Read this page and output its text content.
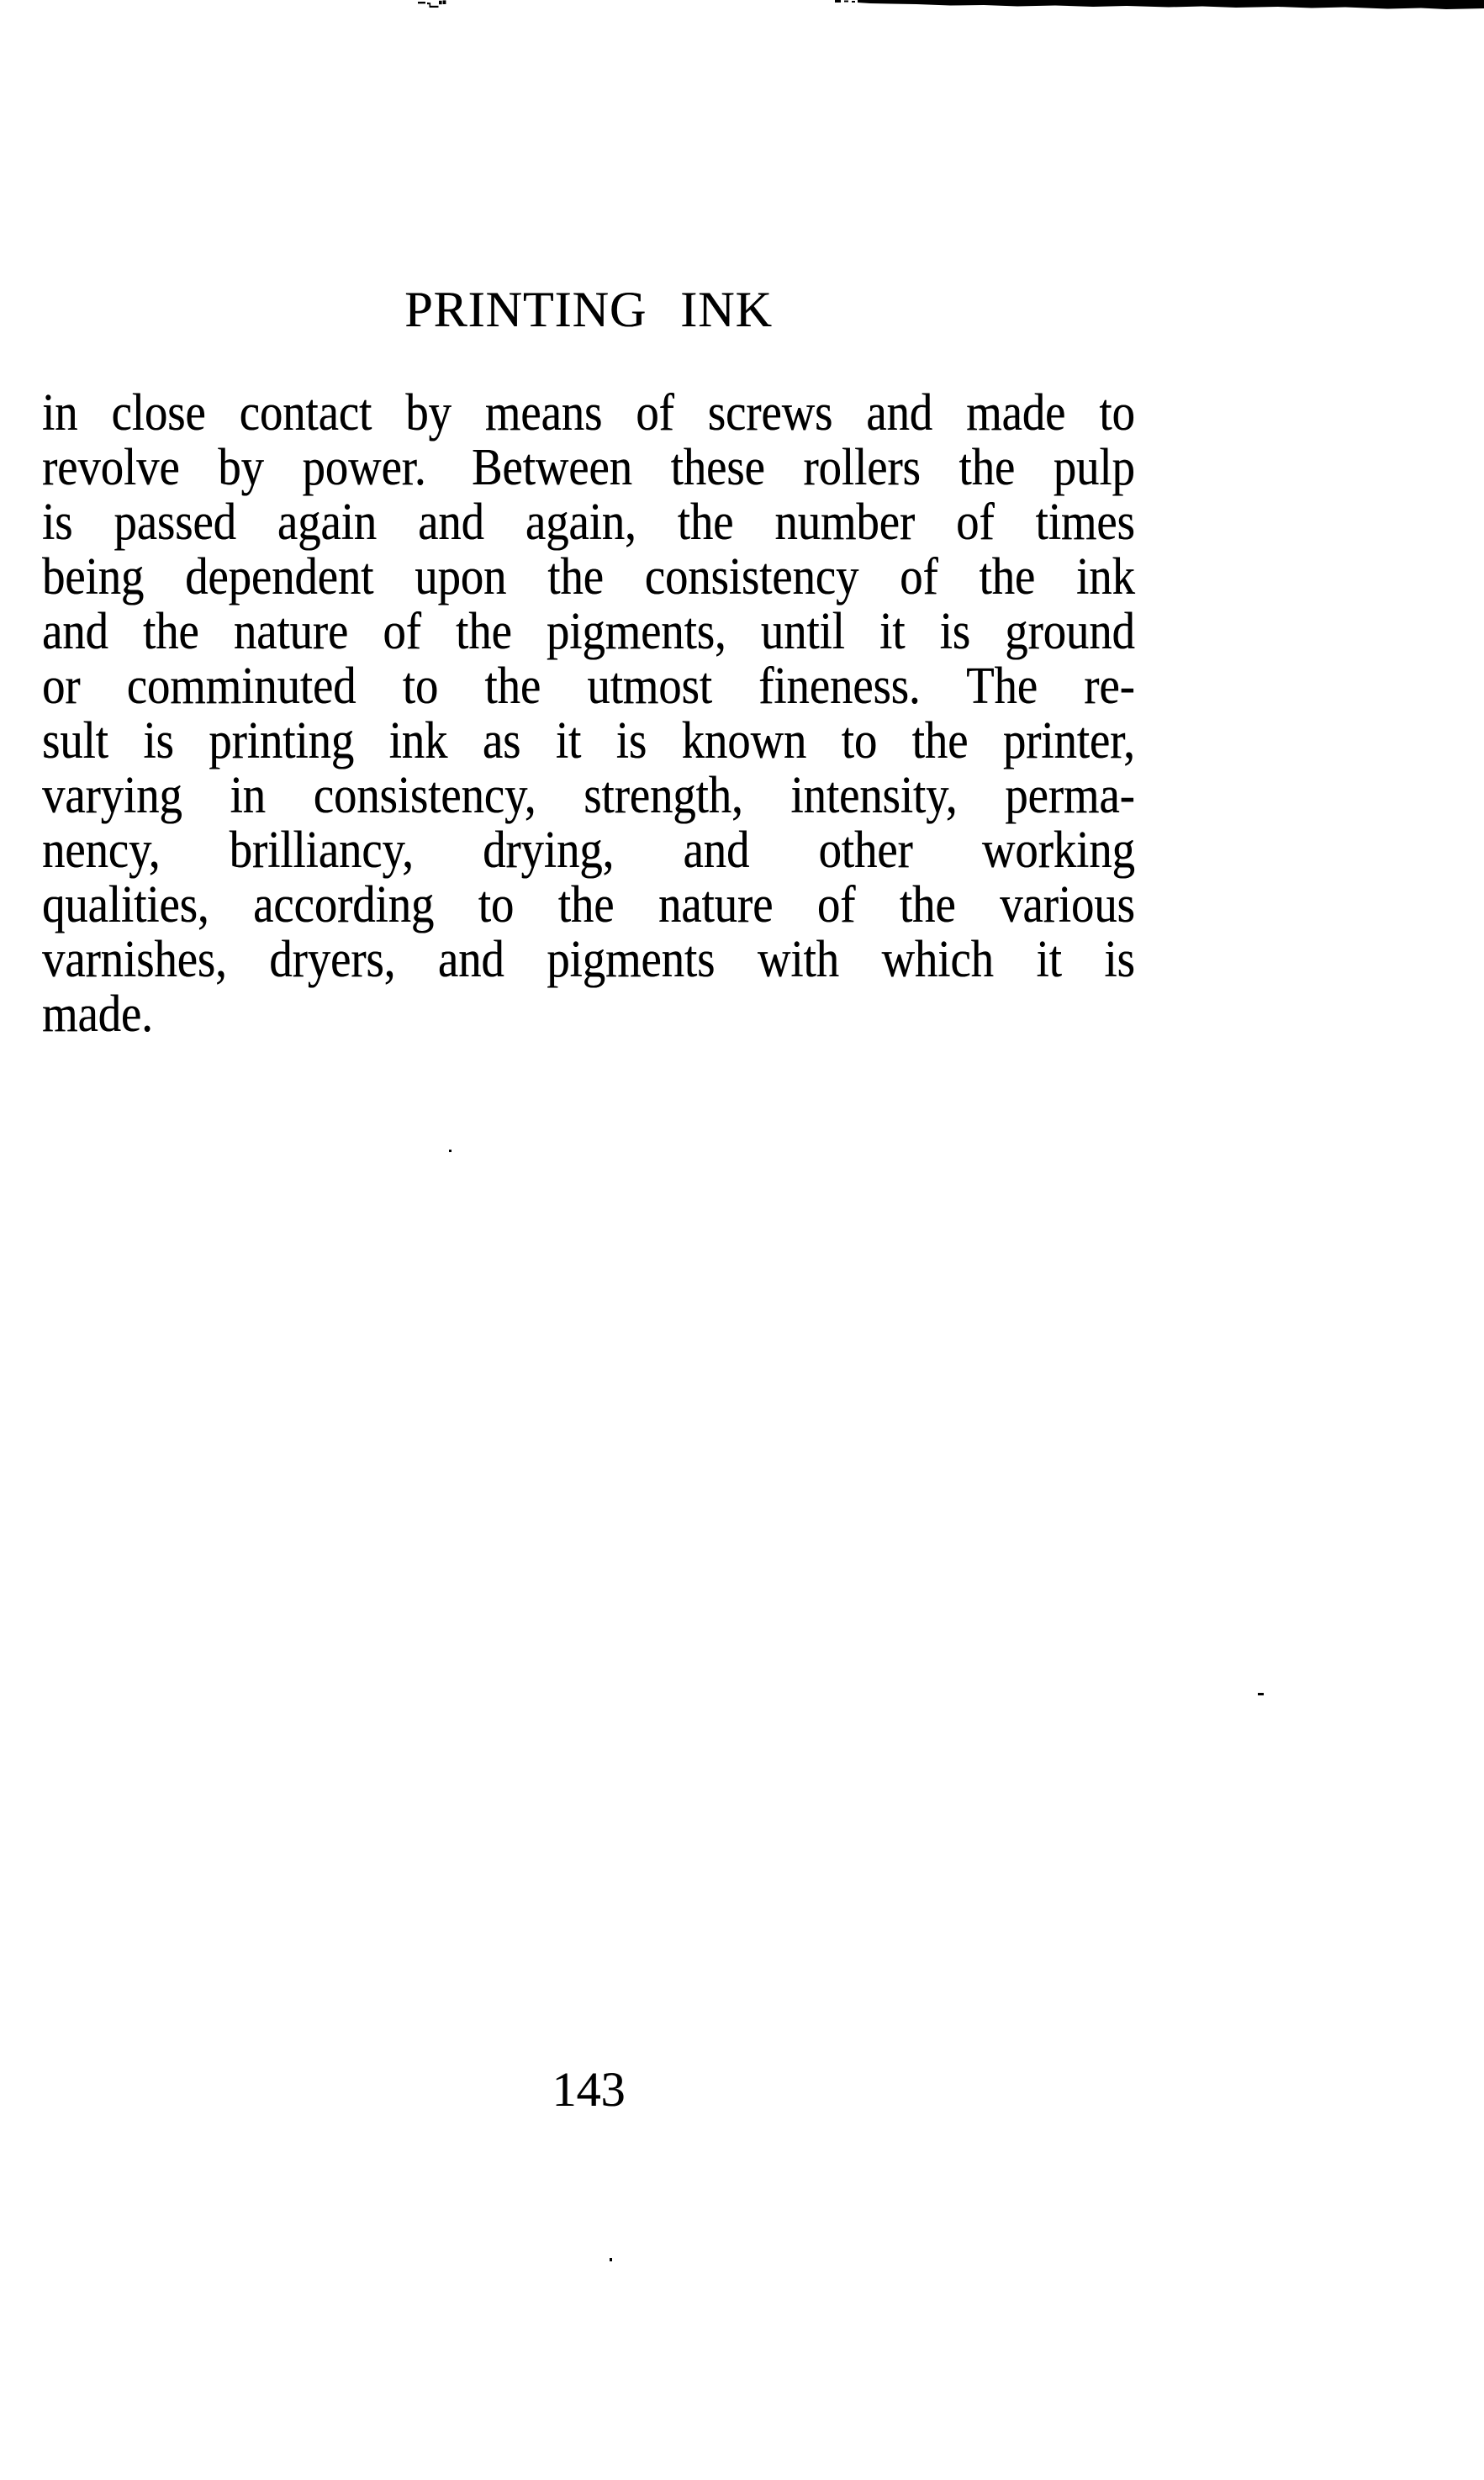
PRINTING INK
in close contact by means of screws and made to
revolve by power. Between these rollers the pulp
is passed again and again, the number of times
being dependent upon the consistency of the ink
and the nature of the pigments, until it is ground
or comminuted to the utmost fineness. The re-
sult is printing ink as it is known to the printer,
varying in consistency, strength, intensity, perma-
nency, brilliancy, drying, and other working
qualities, according to the nature of the various
varnishes, dryers, and pigments with which it is
made.
143
